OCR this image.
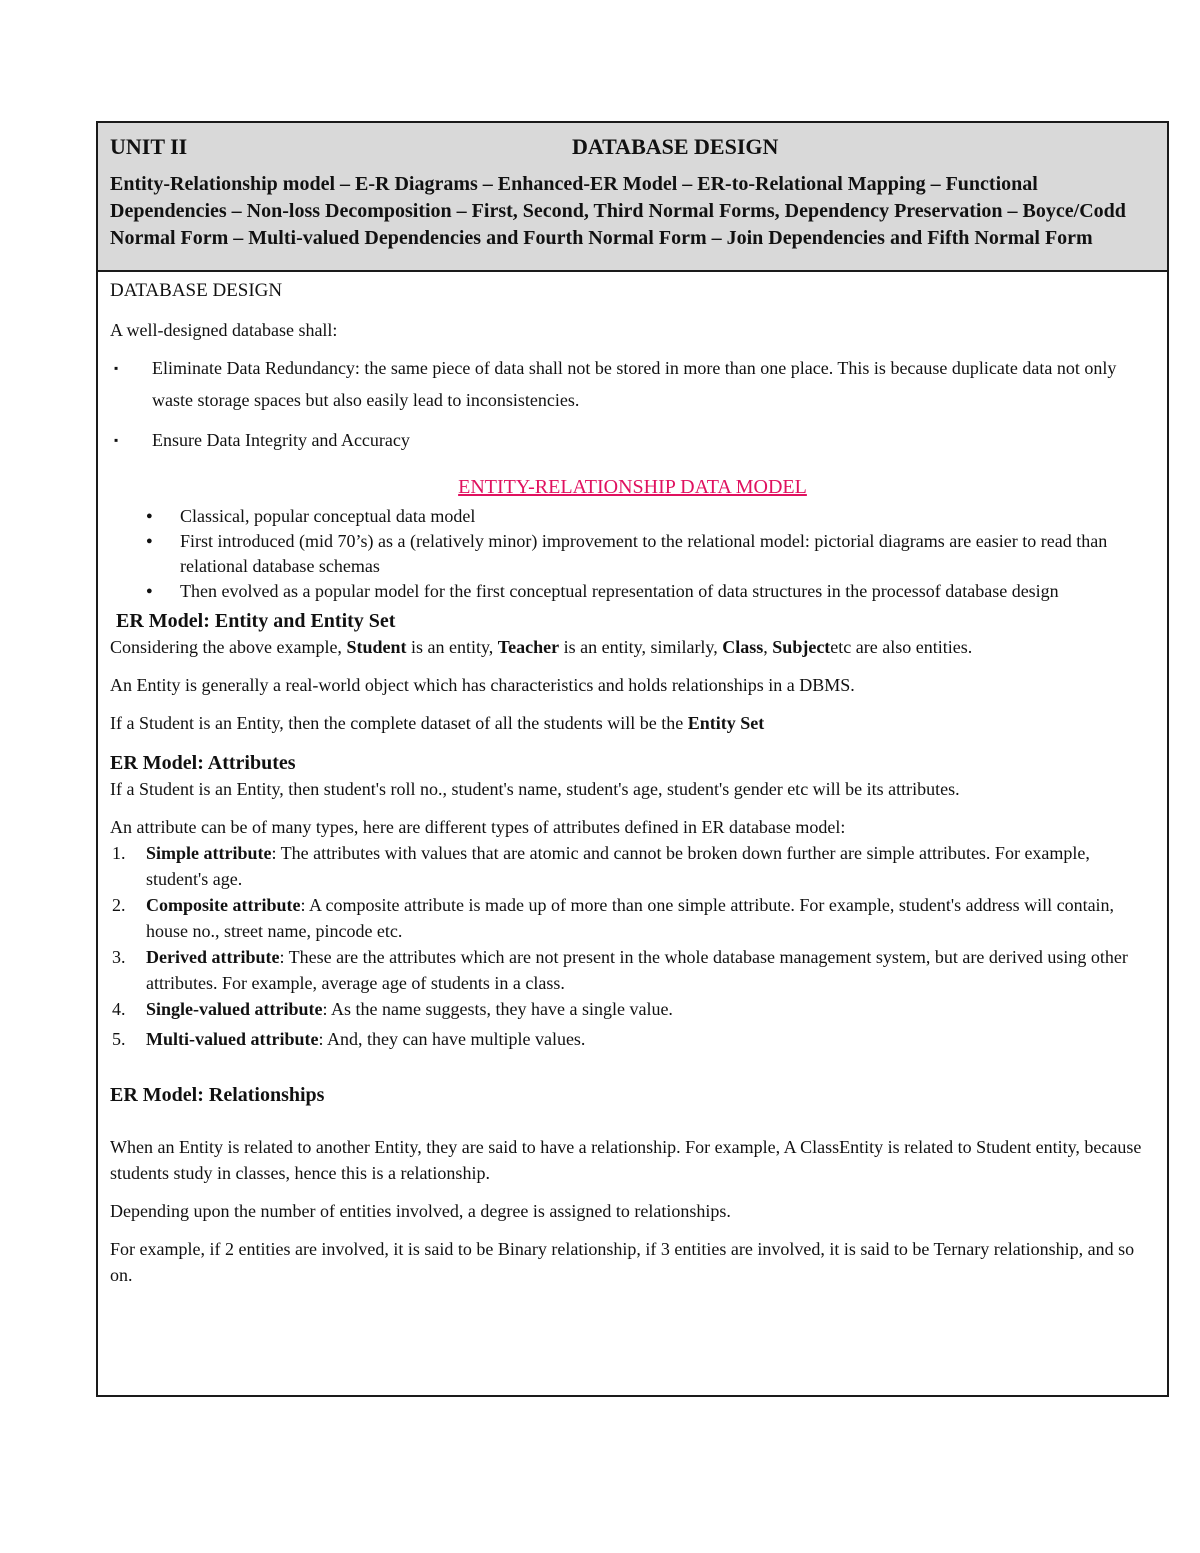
UNIT II	DATABASE DESIGN
Entity-Relationship model – E-R Diagrams – Enhanced-ER Model – ER-to-Relational Mapping – Functional Dependencies – Non-loss Decomposition – First, Second, Third Normal Forms, Dependency Preservation – Boyce/Codd Normal Form – Multi-valued Dependencies and Fourth Normal Form – Join Dependencies and Fifth Normal Form
DATABASE DESIGN

A well-designed database shall:

▪ Eliminate Data Redundancy: the same piece of data shall not be stored in more than one place. This is because duplicate data not only waste storage spaces but also easily lead to inconsistencies.
▪ Ensure Data Integrity and Accuracy
ENTITY-RELATIONSHIP DATA MODEL
● Classical, popular conceptual data model
● First introduced (mid 70’s) as a (relatively minor) improvement to the relational model: pictorial diagrams are easier to read than relational database schemas
● Then evolved as a popular model for the first conceptual representation of data structures in the processof database design
ER Model: Entity and Entity Set

Considering the above example, Student is an entity, Teacher is an entity, similarly, Class, Subjectetc are also entities.

An Entity is generally a real-world object which has characteristics and holds relationships in a DBMS.

If a Student is an Entity, then the complete dataset of all the students will be the Entity Set

ER Model: Attributes

If a Student is an Entity, then student's roll no., student's name, student's age, student's gender etc will be its attributes.

An attribute can be of many types, here are different types of attributes defined in ER database model:

1. Simple attribute: The attributes with values that are atomic and cannot be broken down further are simple attributes. For example, student's age.
2. Composite attribute: A composite attribute is made up of more than one simple attribute. For example, student's address will contain, house no., street name, pincode etc.
3. Derived attribute: These are the attributes which are not present in the whole database management system, but are derived using other attributes. For example, average age of students in a class.
4. Single-valued attribute: As the name suggests, they have a single value.
5. Multi-valued attribute: And, they can have multiple values.
ER Model: Relationships

When an Entity is related to another Entity, they are said to have a relationship. For example, A ClassEntity is related to Student entity, because students study in classes, hence this is a relationship.

Depending upon the number of entities involved, a degree is assigned to relationships.

For example, if 2 entities are involved, it is said to be Binary relationship, if 3 entities are involved, it is said to be Ternary relationship, and so on.
